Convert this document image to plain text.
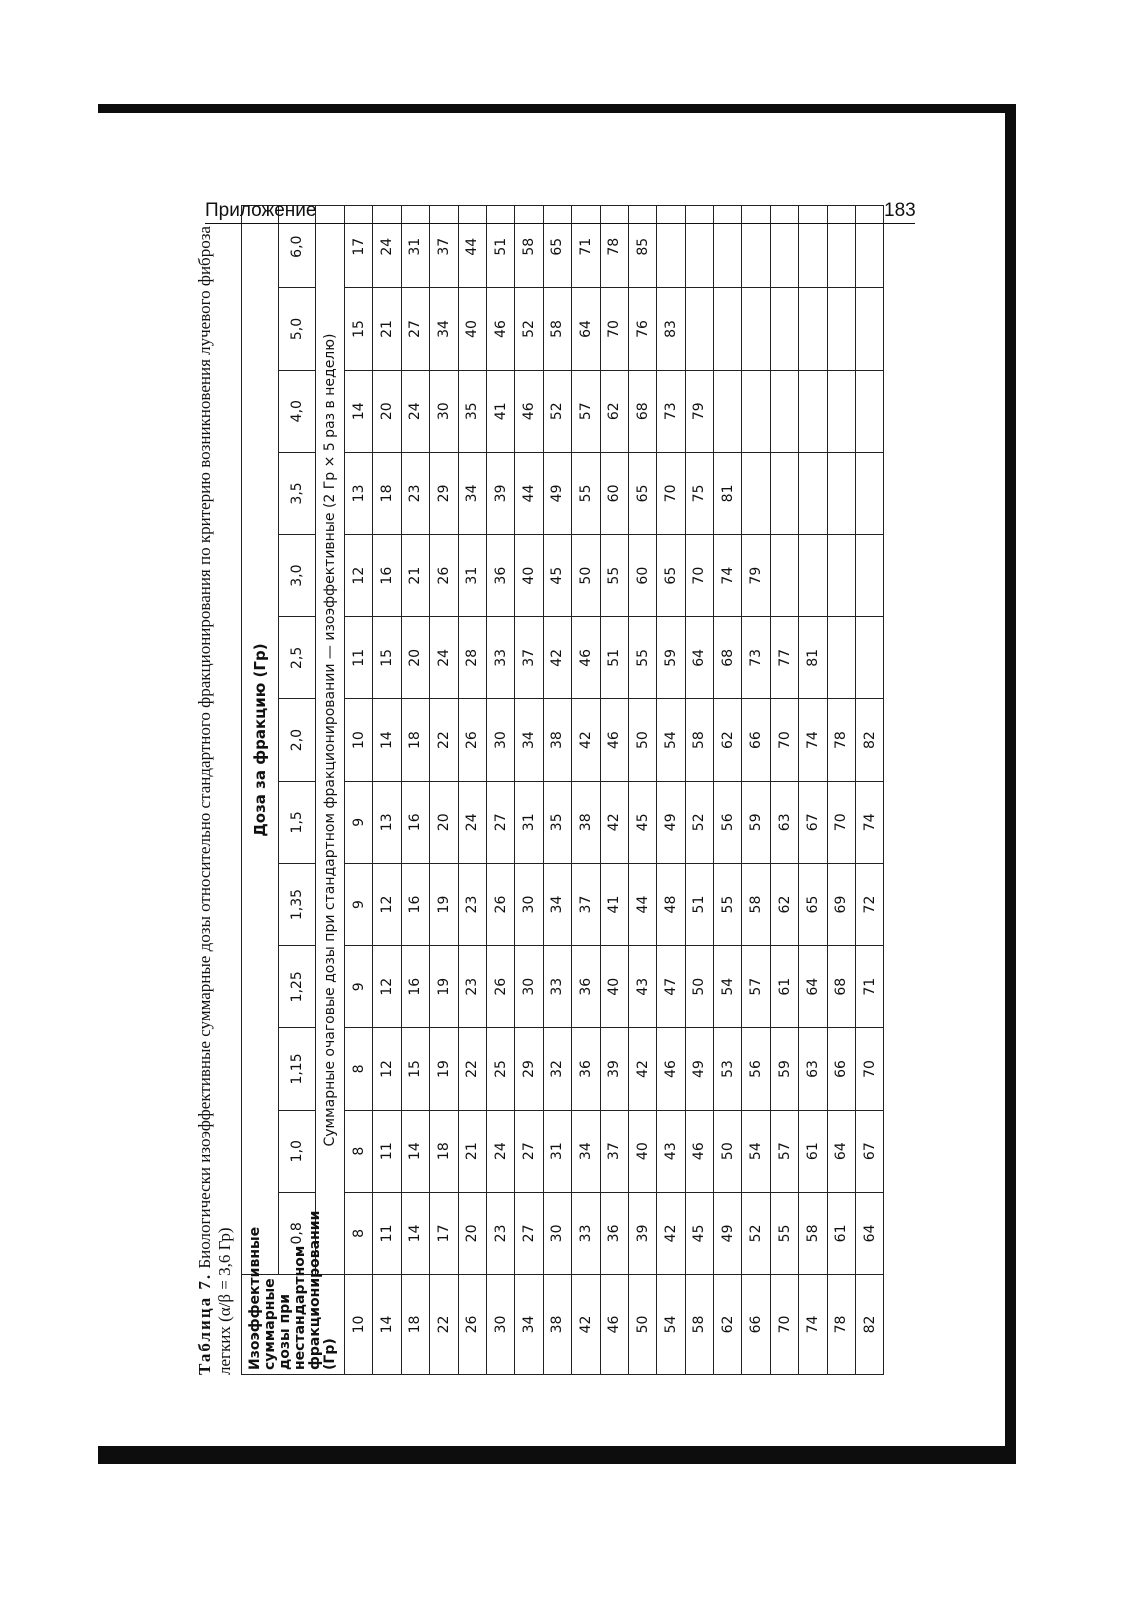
Таблица 7. Биологически изоэффективные суммарные дозы относительно стандартного фракционирования по критерию возникновения лучевого фиброза легких (α/β = 3,6 Гр) Изоэффективные суммарные дозы при нестандартном фракционировании (Гр)	Доза за фракцию (Гр)												
	0,8	1,0	1,15	1,25	1,35	1,5	2,0	2,5	3,0	3,5	4,0	5,0	6,0
	Суммарные очаговые дозы при стандартном фракционировании — изоэффективные (2 Гр × 5 раз в неделю)												
10	8	8	8	9	9	9	10	11	12	13	14	15	17
14	11	11	12	12	12	13	14	15	16	18	20	21	24
18	14	14	15	16	16	16	18	20	21	23	24	27	31
22	17	18	19	19	19	20	22	24	26	29	30	34	37
26	20	21	22	23	23	24	26	28	31	34	35	40	44
30	23	24	25	26	26	27	30	33	36	39	41	46	51
34	27	27	29	30	30	31	34	37	40	44	46	52	58
38	30	31	32	33	34	35	38	42	45	49	52	58	65
42	33	34	36	36	37	38	42	46	50	55	57	64	71
46	36	37	39	40	41	42	46	51	55	60	62	70	78
50	39	40	42	43	44	45	50	55	60	65	68	76	85
54	42	43	46	47	48	49	54	59	65	70	73	83	
58	45	46	49	50	51	52	58	64	70	75	79		
62	49	50	53	54	55	56	62	68	74	81			
66	52	54	56	57	58	59	66	73	79				
70	55	57	59	61	62	63	70	77					
74	58	61	63	64	65	67	74	81					
78	61	64	66	68	69	70	78						
82	64	67	70	71	72	74	82						
Приложение	183
